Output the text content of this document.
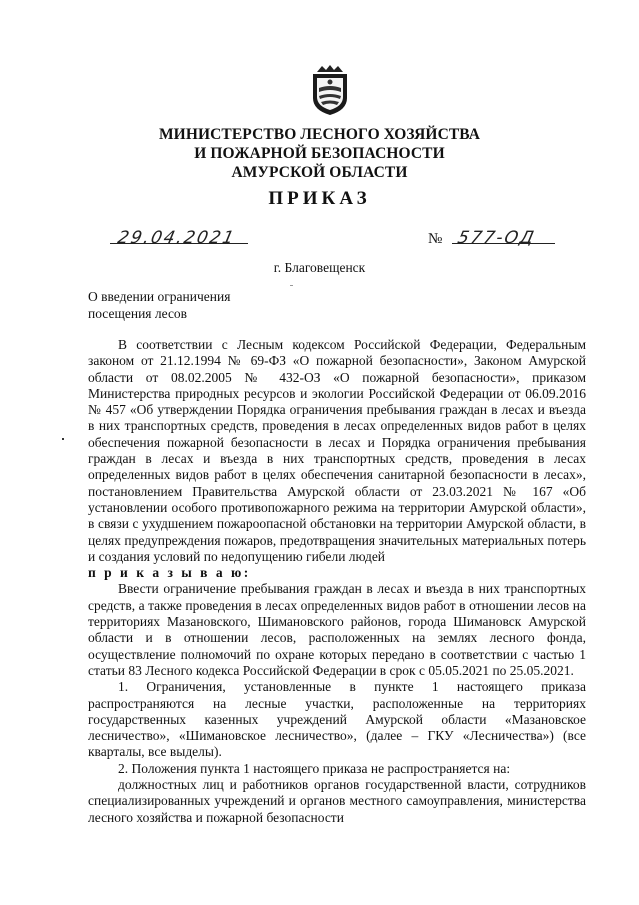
МИНИСТЕРСТВО ЛЕСНОГО ХОЗЯЙСТВА
И ПОЖАРНОЙ БЕЗОПАСНОСТИ
АМУРСКОЙ ОБЛАСТИ
ПРИКАЗ
29.04.2021	№ 577-ОД
г. Благовещенск
О введении ограничения
посещения лесов

В соответствии с Лесным кодексом Российской Федерации, Федеральным законом от 21.12.1994 № 69-ФЗ «О пожарной безопасности», Законом Амурской области от 08.02.2005 № 432-ОЗ «О пожарной безопасности», приказом Министерства природных ресурсов и экологии Российской Федерации от 06.09.2016 № 457 «Об утверждении Порядка ограничения пребывания граждан в лесах и въезда в них транспортных средств, проведения в лесах определенных видов работ в целях обеспечения пожарной безопасности в лесах и Порядка ограничения пребывания граждан в лесах и въезда в них транспортных средств, проведения в лесах определенных видов работ в целях обеспечения санитарной безопасности в лесах», постановлением Правительства Амурской области от 23.03.2021 № 167 «Об установлении особого противопожарного режима на территории Амурской области», в связи с ухудшением пожароопасной обстановки на территории Амурской области, в целях предупреждения пожаров, предотвращения значительных материальных потерь и создания условий по недопущению гибели людей

п р и к а з ы в а ю:

Ввести ограничение пребывания граждан в лесах и въезда в них транспортных средств, а также проведения в лесах определенных видов работ в отношении лесов на территориях Мазановского, Шимановского районов, города Шимановск Амурской области и в отношении лесов, расположенных на землях лесного фонда, осуществление полномочий по охране которых передано в соответствии с частью 1 статьи 83 Лесного кодекса Российской Федерации в срок с 05.05.2021 по 25.05.2021.

1. Ограничения, установленные в пункте 1 настоящего приказа распространяются на лесные участки, расположенные на территориях государственных казенных учреждений Амурской области «Мазановское лесничество», «Шимановское лесничество», (далее – ГКУ «Лесничества») (все кварталы, все выделы).

2. Положения пункта 1 настоящего приказа не распространяется на:

должностных лиц и работников органов государственной власти, сотрудников специализированных учреждений и органов местного самоуправления, министерства лесного хозяйства и пожарной безопасности
